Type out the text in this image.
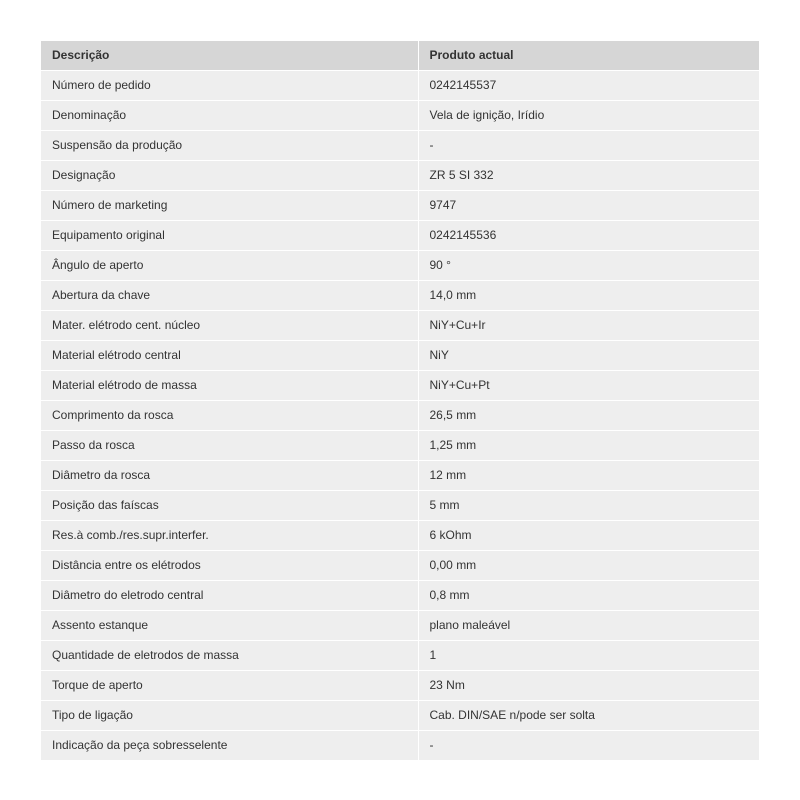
Descrição	Produto actual
Número de pedido	0242145537
Denominação	Vela de ignição, Irídio
Suspensão da produção	-
Designação	ZR 5 SI 332
Número de marketing	9747
Equipamento original	0242145536
Ângulo de aperto	90 °
Abertura da chave	14,0 mm
Mater. elétrodo cent. núcleo	NiY+Cu+Ir
Material elétrodo central	NiY
Material elétrodo de massa	NiY+Cu+Pt
Comprimento da rosca	26,5 mm
Passo da rosca	1,25 mm
Diâmetro da rosca	12 mm
Posição das faíscas	5 mm
Res.à comb./res.supr.interfer.	6 kOhm
Distância entre os elétrodos	0,00 mm
Diâmetro do eletrodo central	0,8 mm
Assento estanque	plano maleável
Quantidade de eletrodos de massa	1
Torque de aperto	23 Nm
Tipo de ligação	Cab. DIN/SAE n/pode ser solta
Indicação da peça sobresselente	-
